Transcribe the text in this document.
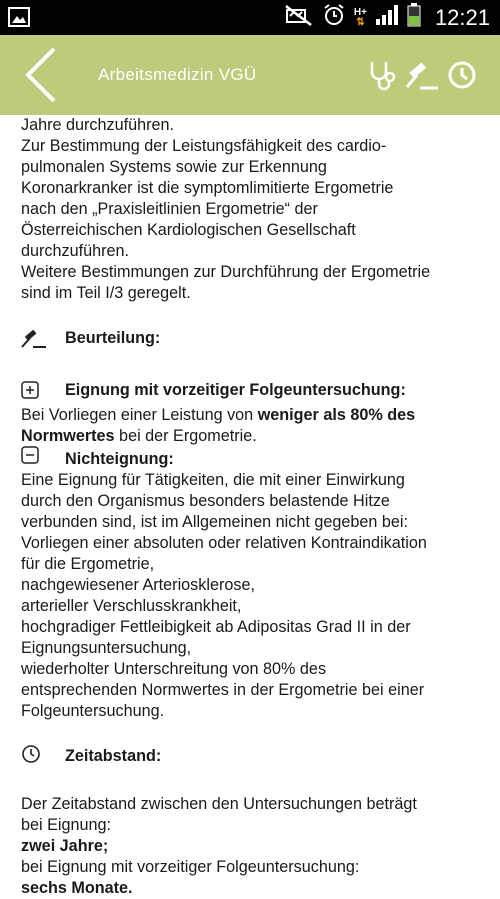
H+
⇅	12:21
Arbeitsmedizin VGÜ

Jahre durchzuführen.

Zur Bestimmung der Leistungsfähigkeit des cardio-

pulmonalen Systems sowie zur Erkennung

Koronarkranker ist die symptomlimitierte Ergometrie

nach den „Praxisleitlinien Ergometrie“ der

Österreichischen Kardiologischen Gesellschaft

durchzuführen.

Weitere Bestimmungen zur Durchführung der Ergometrie

sind im Teil I/3 geregelt.

Beurteilung:
Eignung mit vorzeitiger Folgeuntersuchung:

Bei Vorliegen einer Leistung von weniger als 80% des
Normwertes bei der Ergometrie.

Nichteignung:

Eine Eignung für Tätigkeiten, die mit einer Einwirkung

durch den Organismus besonders belastende Hitze

verbunden sind, ist im Allgemeinen nicht gegeben bei:

Vorliegen einer absoluten oder relativen Kontraindikation

für die Ergometrie,

nachgewiesener Arteriosklerose,

arterieller Verschlusskrankheit,

hochgradiger Fettleibigkeit ab Adipositas Grad II in der

Eignungsuntersuchung,

wiederholter Unterschreitung von 80% des

entsprechenden Normwertes in der Ergometrie bei einer

Folgeuntersuchung.

Zeitabstand:

Der Zeitabstand zwischen den Untersuchungen beträgt

bei Eignung:

zwei Jahre;

bei Eignung mit vorzeitiger Folgeuntersuchung:

sechs Monate.
